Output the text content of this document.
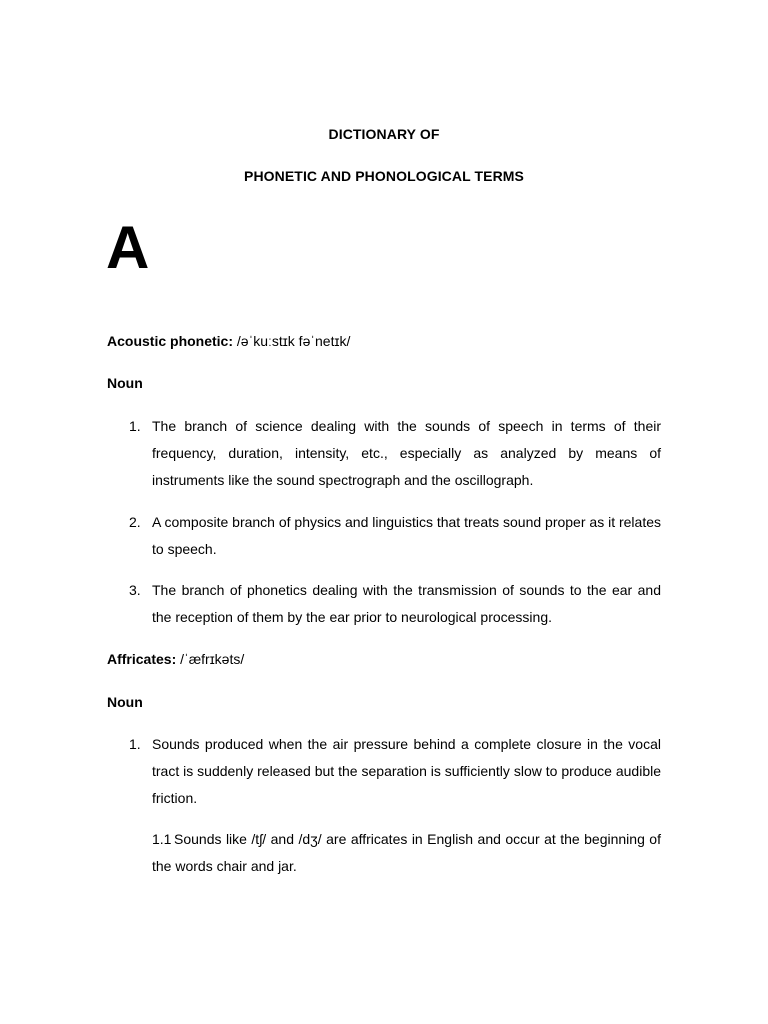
DICTIONARY OF
PHONETIC AND PHONOLOGICAL TERMS
A
Acoustic phonetic: /əˈkuːstɪk fəˈnetɪk/
Noun
1. The branch of science dealing with the sounds of speech in terms of their frequency, duration, intensity, etc., especially as analyzed by means of instruments like the sound spectrograph and the oscillograph.
2. A composite branch of physics and linguistics that treats sound proper as it relates to speech.
3. The branch of phonetics dealing with the transmission of sounds to the ear and the reception of them by the ear prior to neurological processing.
Affricates: /ˈæfrɪkəts/
Noun
1. Sounds produced when the air pressure behind a complete closure in the vocal tract is suddenly released but the separation is sufficiently slow to produce audible friction.
1.1 Sounds like /tʃ/ and /dʒ/ are affricates in English and occur at the beginning of the words chair and jar.
